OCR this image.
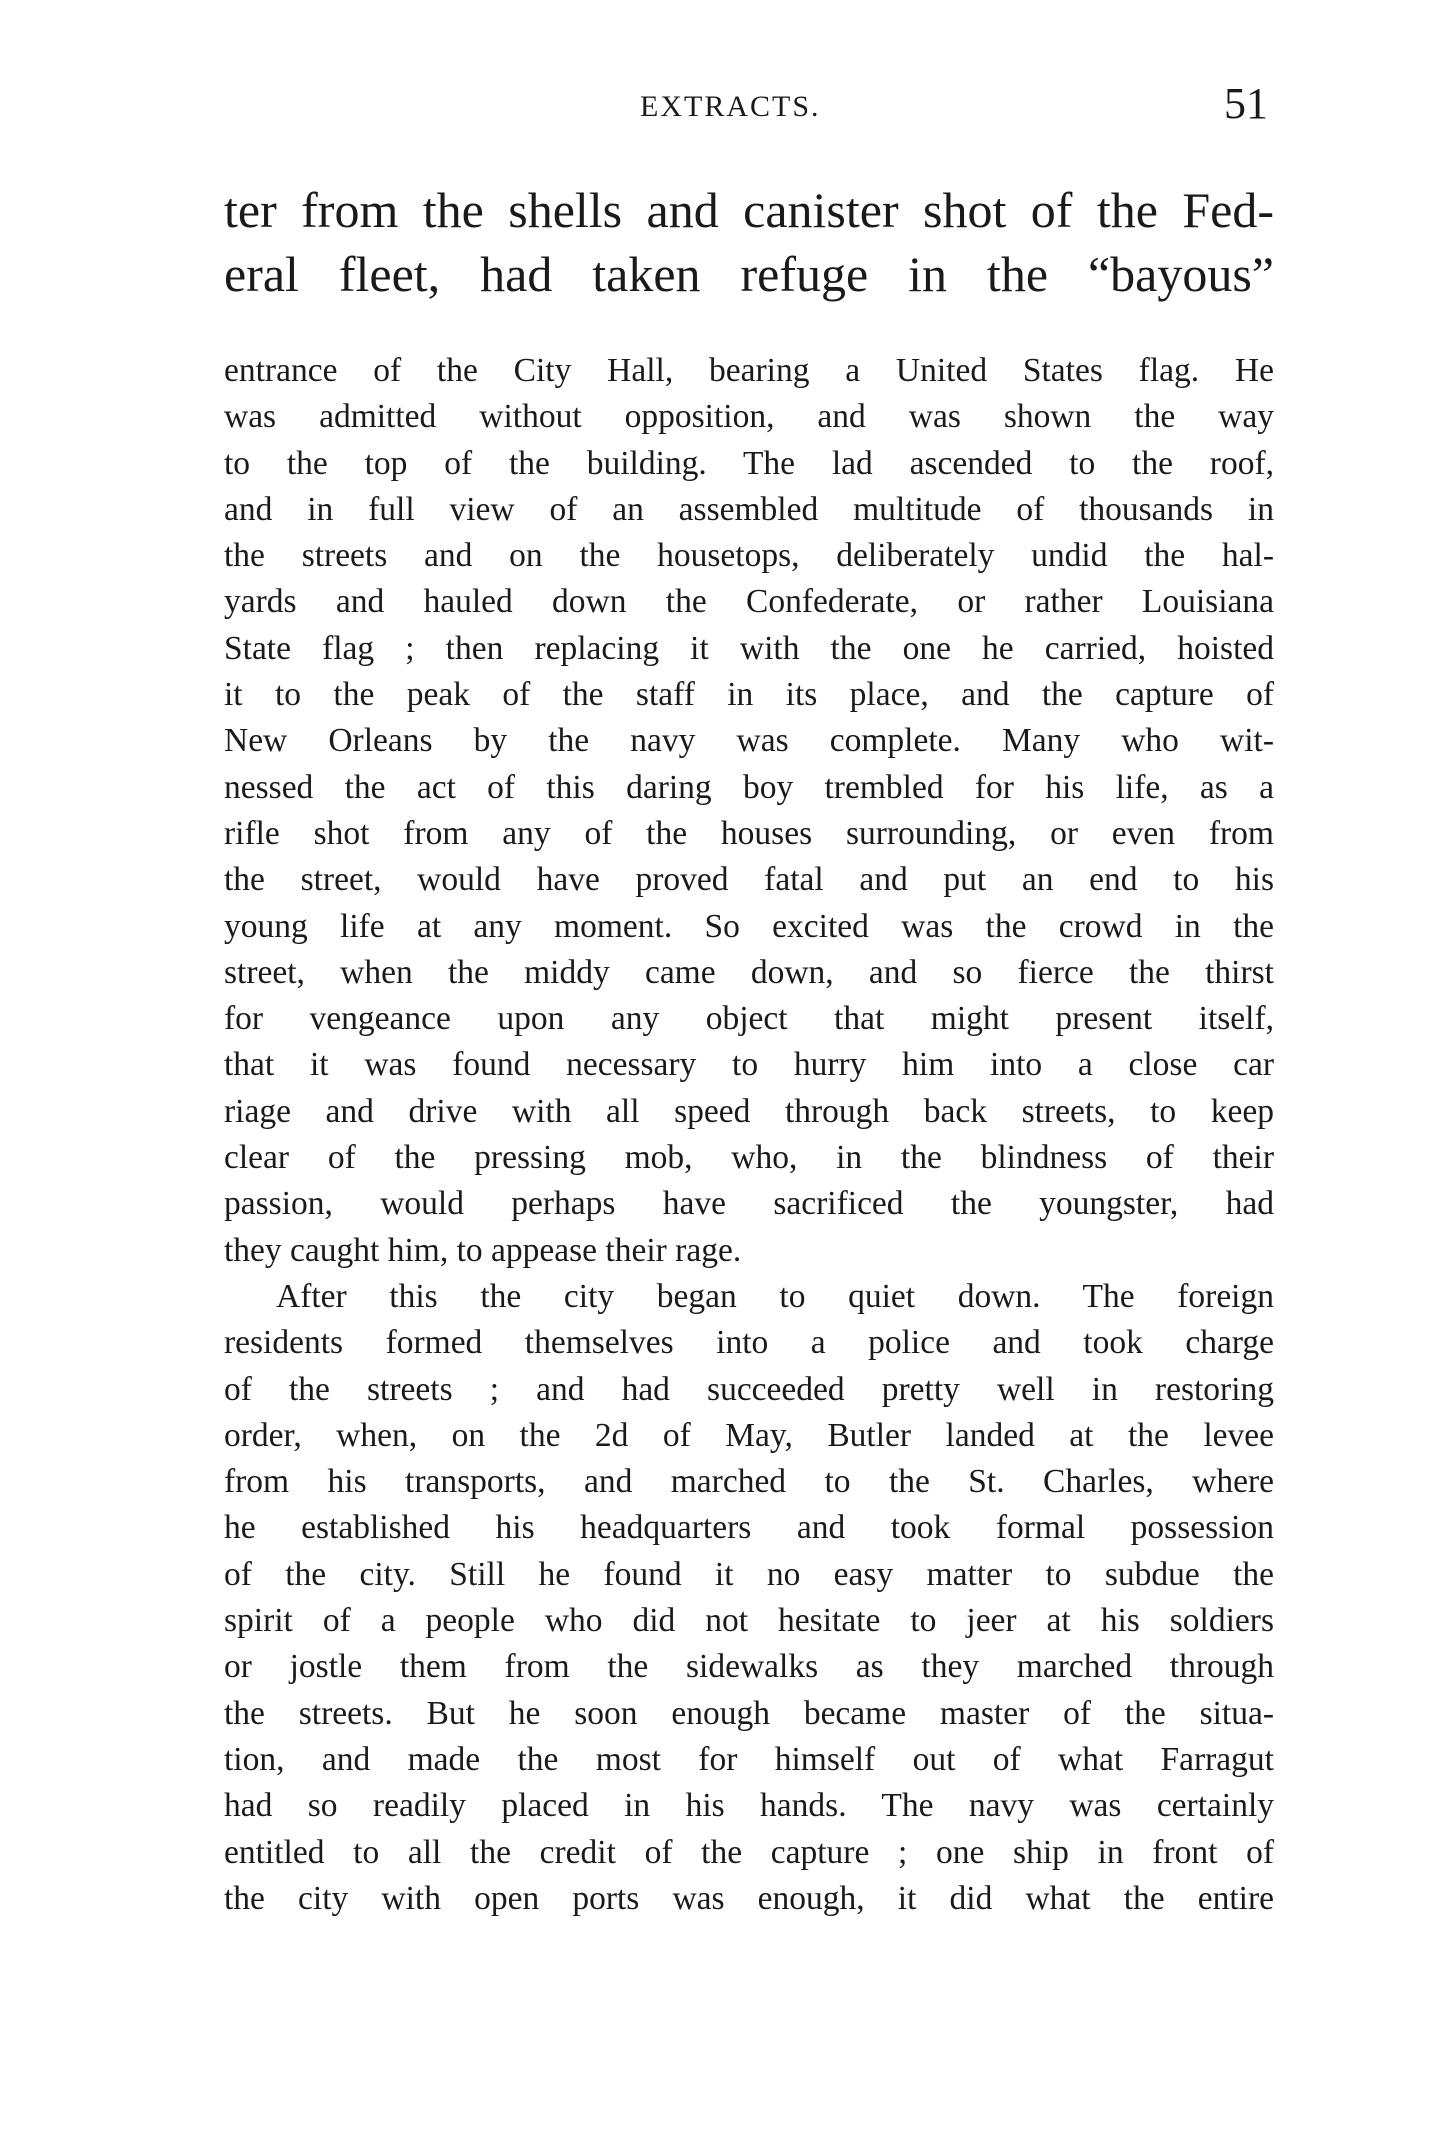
EXTRACTS.	51
ter from the shells and canister shot of the Fed-
eral fleet, had taken refuge in the “bayous”
entrance of the City Hall, bearing a United States flag. He
was admitted without opposition, and was shown the way
to the top of the building. The lad ascended to the roof,
and in full view of an assembled multitude of thousands in
the streets and on the housetops, deliberately undid the hal-
yards and hauled down the Confederate, or rather Louisiana
State flag ; then replacing it with the one he carried, hoisted
it to the peak of the staff in its place, and the capture of
New Orleans by the navy was complete. Many who wit-
nessed the act of this daring boy trembled for his life, as a
rifle shot from any of the houses surrounding, or even from
the street, would have proved fatal and put an end to his
young life at any moment. So excited was the crowd in the
street, when the middy came down, and so fierce the thirst
for vengeance upon any object that might present itself,
that it was found necessary to hurry him into a close car
riage and drive with all speed through back streets, to keep
clear of the pressing mob, who, in the blindness of their
passion, would perhaps have sacrificed the youngster, had
they caught him, to appease their rage.
After this the city began to quiet down. The foreign
residents formed themselves into a police and took charge
of the streets ; and had succeeded pretty well in restoring
order, when, on the 2d of May, Butler landed at the levee
from his transports, and marched to the St. Charles, where
he established his headquarters and took formal possession
of the city. Still he found it no easy matter to subdue the
spirit of a people who did not hesitate to jeer at his soldiers
or jostle them from the sidewalks as they marched through
the streets. But he soon enough became master of the situa-
tion, and made the most for himself out of what Farragut
had so readily placed in his hands. The navy was certainly
entitled to all the credit of the capture ; one ship in front of
the city with open ports was enough, it did what the entire
